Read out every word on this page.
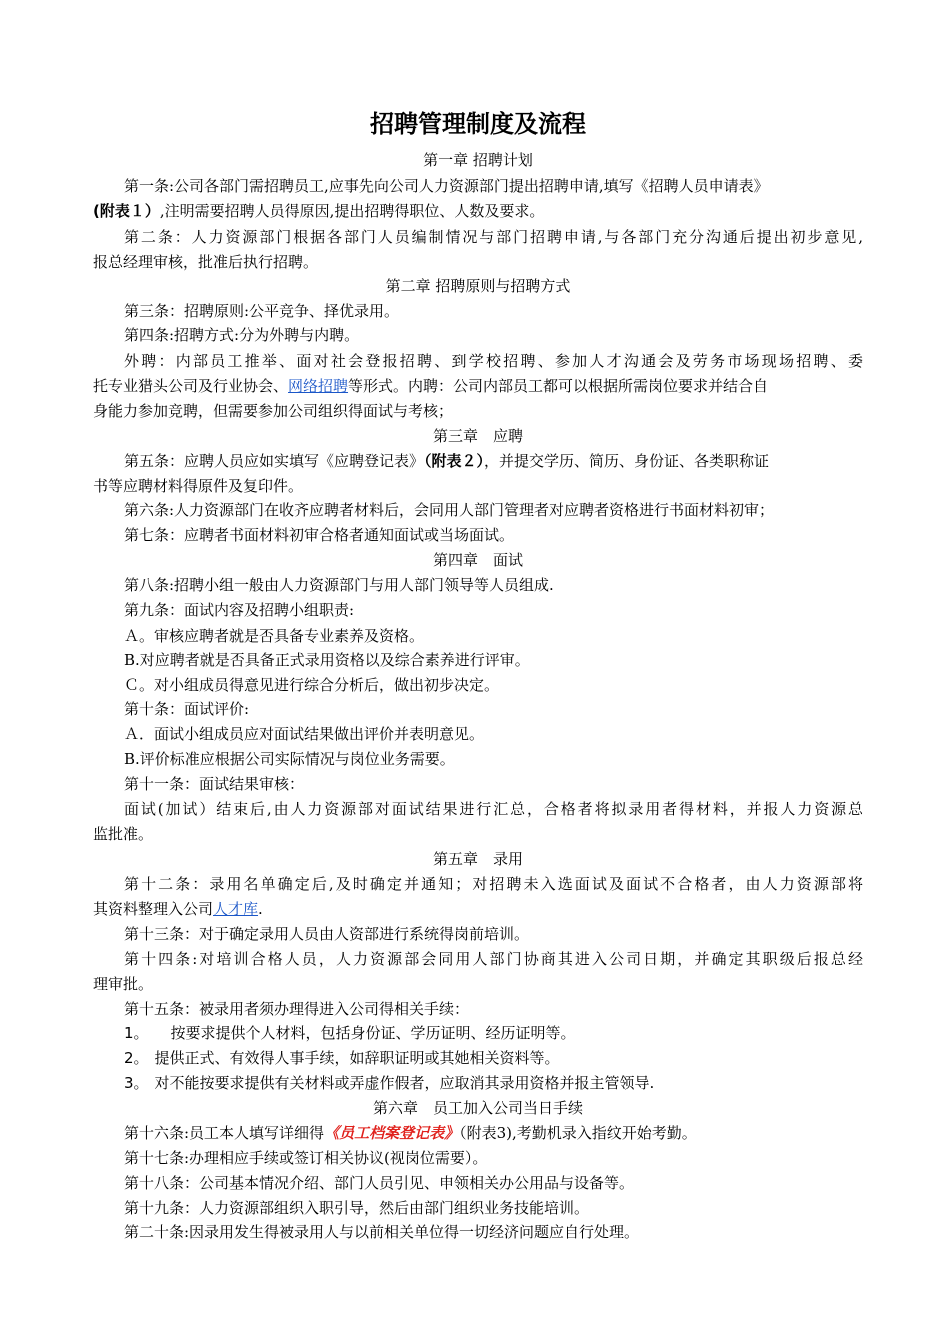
招聘管理制度及流程
第一章 招聘计划
第一条:公司各部门需招聘员工,应事先向公司人力资源部门提出招聘申请,填写《招聘人员申请表》
(附表１）,注明需要招聘人员得原因,提出招聘得职位、人数及要求。
第二条：人力资源部门根据各部门人员编制情况与部门招聘申请,与各部门充分沟通后提出初步意见,
报总经理审核，批准后执行招聘。
第二章 招聘原则与招聘方式
第三条：招聘原则:公平竞争、择优录用。
第四条:招聘方式:分为外聘与内聘。
外聘：内部员工推举、面对社会登报招聘、到学校招聘、参加人才沟通会及劳务市场现场招聘、委
托专业猎头公司及行业协会、网络招聘等形式。内聘：公司内部员工都可以根据所需岗位要求并结合自
身能力参加竞聘，但需要参加公司组织得面试与考核；
第三章　应聘
第五条：应聘人员应如实填写《应聘登记表》（附表２），并提交学历、简历、身份证、各类职称证
书等应聘材料得原件及复印件。
第六条:人力资源部门在收齐应聘者材料后，会同用人部门管理者对应聘者资格进行书面材料初审；
第七条：应聘者书面材料初审合格者通知面试或当场面试。
第四章　面试
第八条:招聘小组一般由人力资源部门与用人部门领导等人员组成.
第九条：面试内容及招聘小组职责:
Ａ。审核应聘者就是否具备专业素养及资格。
B.对应聘者就是否具备正式录用资格以及综合素养进行评审。
Ｃ。对小组成员得意见进行综合分析后，做出初步决定。
第十条：面试评价:
Ａ．面试小组成员应对面试结果做出评价并表明意见。
B.评价标准应根据公司实际情况与岗位业务需要。
第十一条：面试结果审核：
面试(加试）结束后,由人力资源部对面试结果进行汇总，合格者将拟录用者得材料，并报人力资源总
监批准。
第五章　录用
第十二条：录用名单确定后,及时确定并通知；对招聘未入选面试及面试不合格者，由人力资源部将
其资料整理入公司人才库.
第十三条：对于确定录用人员由人资部进行系统得岗前培训。
第十四条:对培训合格人员，人力资源部会同用人部门协商其进入公司日期，并确定其职级后报总经
理审批。
第十五条：被录用者须办理得进入公司得相关手续：
1。 按要求提供个人材料，包括身份证、学历证明、经历证明等。
2。 提供正式、有效得人事手续，如辞职证明或其她相关资料等。
3。 对不能按要求提供有关材料或弄虚作假者，应取消其录用资格并报主管领导.
第六章　员工加入公司当日手续
第十六条:员工本人填写详细得《员工档案登记表》（附表3),考勤机录入指纹开始考勤。
第十七条:办理相应手续或签订相关协议(视岗位需要）。
第十八条：公司基本情况介绍、部门人员引见、申领相关办公用品与设备等。
第十九条：人力资源部组织入职引导，然后由部门组织业务技能培训。
第二十条:因录用发生得被录用人与以前相关单位得一切经济问题应自行处理。
